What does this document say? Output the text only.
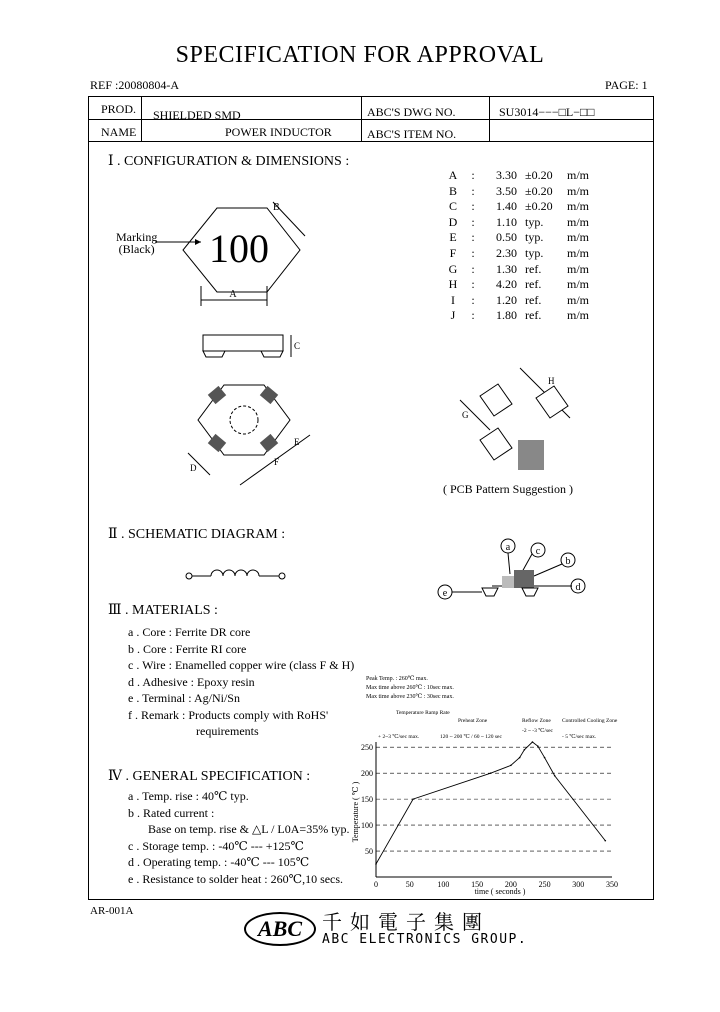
SPECIFICATION FOR APPROVAL
REF :20080804-A	PAGE: 1
PROD. SHIELDED SMD
NAME	POWER INDUCTOR
ABC'S DWG NO.	SU3014−−−□L−□□
ABC'S ITEM NO.
Ⅰ . CONFIGURATION & DIMENSIONS :
Marking
(Black) 100
B
A
C
D
F
E
A	:	3.30 ±0.20	m/m
B	:	3.50 ±0.20	m/m
C	:	1.40 ±0.20	m/m
D	:	1.10 typ.	m/m
E	:	0.50 typ.	m/m
F	:	2.30 typ.	m/m
G	:	1.30 ref.	m/m
H	:	4.20 ref.	m/m
I	:	1.20 ref.	m/m
J	:	1.80 ref.	m/m
H
G
( PCB Pattern Suggestion )
Ⅱ . SCHEMATIC DIAGRAM :
a
b
c
d
e
Ⅲ . MATERIALS :
a . Core : Ferrite DR core
b . Core : Ferrite RI core
c . Wire : Enamelled copper wire (class F & H)
d . Adhesive : Epoxy resin
e . Terminal : Ag/Ni/Sn
f . Remark : Products comply with RoHS'
requirements
Ⅳ . GENERAL SPECIFICATION :
a . Temp. rise : 40℃ typ.
b . Rated current :
Base on temp. rise & △L / L0A=35% typ.
c . Storage temp. : -40℃ --- +125℃
d . Operating temp. : -40℃ --- 105℃
e . Resistance to solder heat : 260℃,10 secs.
Peak Temp. : 260℃ max.
Max time above 260℃ : 10sec max.
Max time above 230℃ : 30sec max.
Temperature Ramp Rate
Preheat Zone	Reflow Zone Controlled Cooling Zone
+ 2~3 ℃/sec max.	120 ~ 200 ℃ / 60 ~ 120 sec
-2 ~ -3 ℃/sec
- 5 ℃/sec max.
50
100
150
200
250
0	50	100	150	200	250	300	350
Temperature ( ℃ )
time ( seconds )
AR-001A
ABC 千如電子集團
ABC ELECTRONICS GROUP.
